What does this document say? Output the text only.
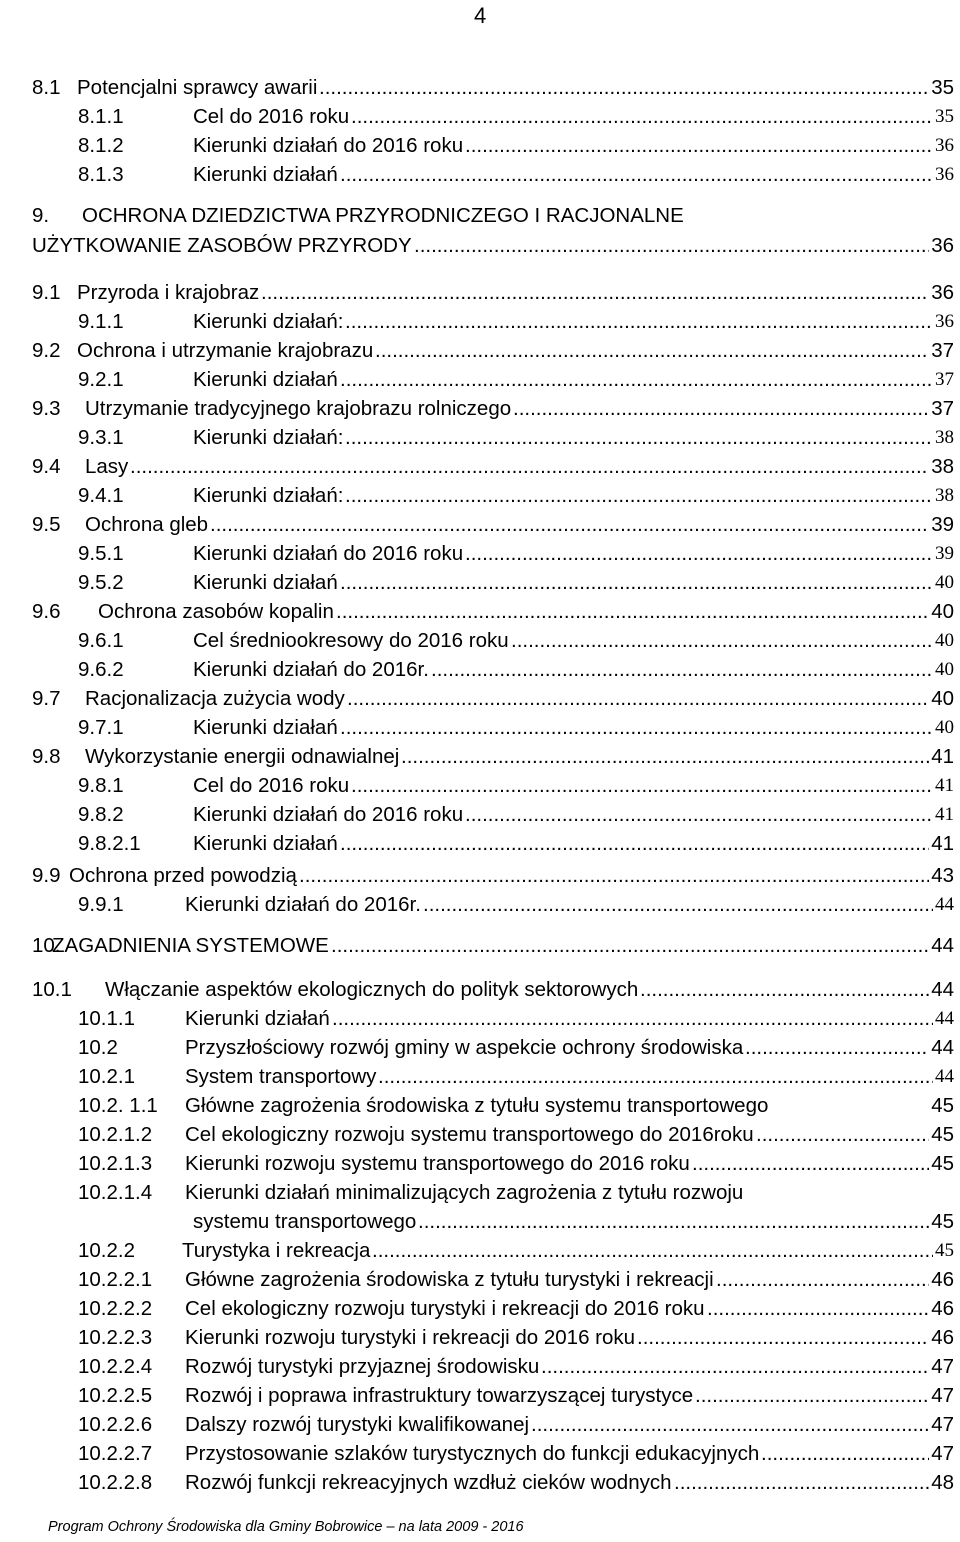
4
8.1 Potencjalni sprawcy awarii	35
.....
8.1.1	Cel do 2016 roku	35
.....
8.1.2	Kierunki działań do 2016 roku	36
.....
8.1.3	Kierunki działań	36
.....
9. OCHRONA DZIEDZICTWA PRZYRODNICZEGO I RACJONALNE
UŻYTKOWANIE ZASOBÓW PRZYRODY	36
.....
9.1 Przyroda i krajobraz	36
.....
9.1.1	Kierunki działań:	36
.....
9.2 Ochrona i utrzymanie krajobrazu	37
.....
9.2.1	Kierunki działań	37
.....
9.3 Utrzymanie tradycyjnego krajobrazu rolniczego	37
.....
9.3.1	Kierunki działań:	38
.....
9.4 Lasy	38
.....
9.4.1	Kierunki działań:	38
.....
9.5 Ochrona gleb	39
.....
9.5.1	Kierunki działań do 2016 roku	39
.....
9.5.2	Kierunki działań	40
.....
9.6 Ochrona zasobów kopalin	40
.....
9.6.1	Cel średniookresowy do 2016 roku	40
.....
9.6.2	Kierunki działań do 2016r.	40
.....
9.7 Racjonalizacja zużycia wody	40
.....
9.7.1	Kierunki działań	40
.....
9.8 Wykorzystanie energii odnawialnej	41
.....
9.8.1	Cel do 2016 roku	41
.....
9.8.2	Kierunki działań do 2016 roku	41
.....
9.8.2.1	Kierunki działań	41
.....
9.9 Ochrona przed powodzią	43
.....
9.9.1	Kierunki działań do 2016r.	44
.....
10.
ZAGADNIENIA SYSTEMOWE	44
.....
10.1 Włączanie aspektów ekologicznych do polityk sektorowych	44
.....
10.1.1 Kierunki działań	44
.....
10.2	Przyszłościowy rozwój gminy w aspekcie ochrony środowiska	44
.....
10.2.1 System transportowy	44
.....
10.2. 1.1 Główne zagrożenia środowiska z tytułu systemu transportowego	45
10.2.1.2 Cel ekologiczny rozwoju systemu transportowego do 2016roku	45
.....
10.2.1.3 Kierunki rozwoju systemu transportowego do 2016 roku	45
.....
10.2.1.4 Kierunki działań minimalizujących zagrożenia z tytułu rozwoju
systemu transportowego	45
.....
10.2.2 Turystyka i rekreacja	45
.....
10.2.2.1 Główne zagrożenia środowiska z tytułu turystyki i rekreacji	46
.....
10.2.2.2 Cel ekologiczny rozwoju turystyki i rekreacji do 2016 roku	46
.....
10.2.2.3 Kierunki rozwoju turystyki i rekreacji do 2016 roku	46
.....
10.2.2.4 Rozwój turystyki przyjaznej środowisku	47
.....
10.2.2.5 Rozwój i poprawa infrastruktury towarzyszącej turystyce	47
.....
10.2.2.6 Dalszy rozwój turystyki kwalifikowanej	47
.....
10.2.2.7 Przystosowanie szlaków turystycznych do funkcji edukacyjnych	47
.....
10.2.2.8 Rozwój funkcji rekreacyjnych wzdłuż cieków wodnych	48
.....
Program Ochrony Środowiska dla Gminy Bobrowice – na lata 2009 - 2016
